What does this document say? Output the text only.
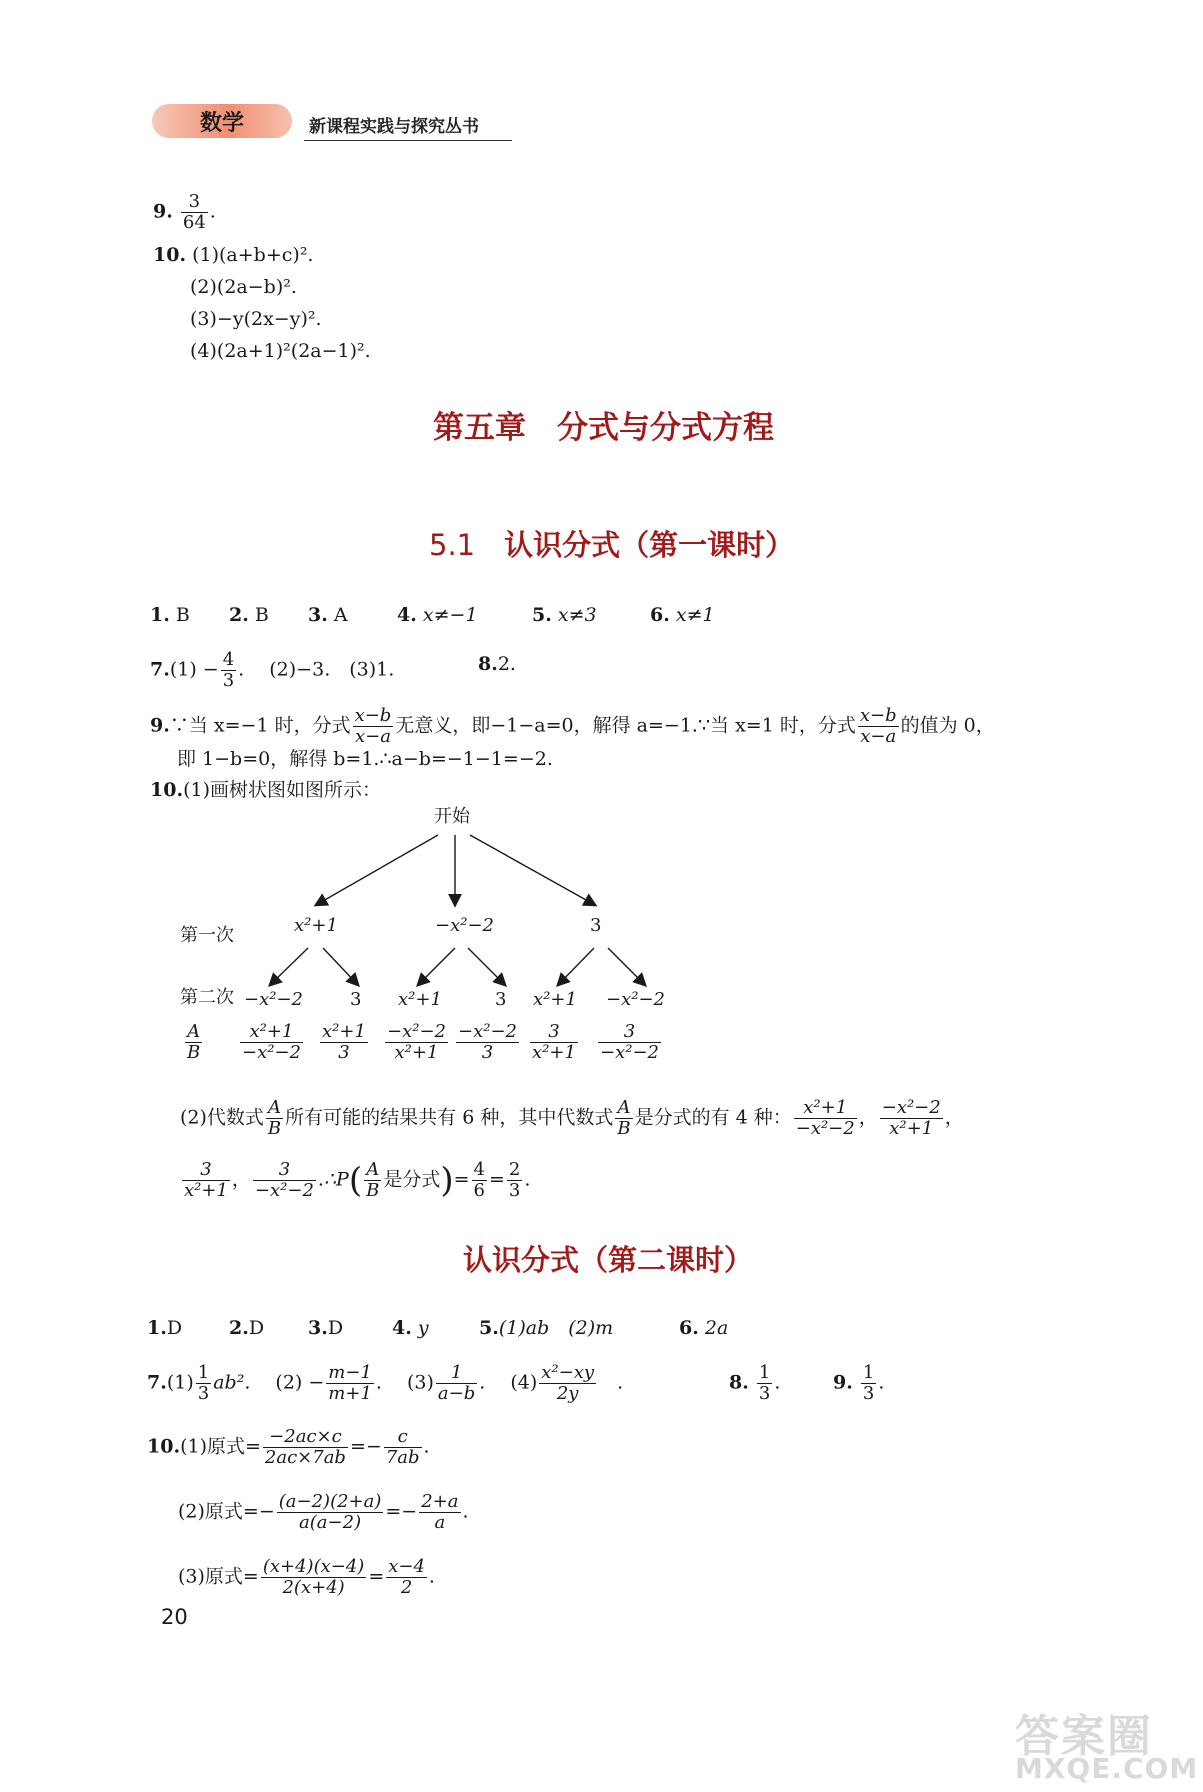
数学	新课程实践与探究丛书
9. $\frac{3}{64}$ .
10. (1)(a+b+c)².
(2)(2a−b)².
(3)−y(2x−y)².
(4)(2a+1)²(2a−1)².
第五章　分式与分式方程
5.1　 认识分式（第一课时）
1. B 2. B 3. A	4. x≠−1	5. x≠3	6. x≠1
$7.(1) - \frac{4}{3}$ . 　 (2)−3.　 (3)1.	8.2.
9.∵当 x=−1 时，分式 $\frac{x-b}{x-a}$ 无意义，即−1−a=0，解得 a=−1.∵当 x=1 时，分式 $\frac{x-b}{x-a}$ 的值为 0，
即 1−b=0，解得 b=1.∴a−b=−1−1=−2.
10.(1)画树状图如图所示：
开始
第一次	x²+1	−x²−2	3
第二次 −x²−2	3 x²+1	3 x²+1 −x²−2
$\frac{A}{B} \frac{\text{x²+1}}{\text{−x²−2}} \frac{\text{x²+1}}{3} \frac{\text{−x²−2}}{\text{x²+1}} \frac{\text{−x²−2}}{3} \frac{3}{\text{x²+1}} \frac{3}{\text{−x²−2}}$
(2)代数式 $\frac{A}{B}$ 所有可能的结果共有 6 种，其中代数式 $\frac{A}{B}$ 是分式的有 4 种： $\frac{\text{x²+1}}{\text{−x²−2}}$ ， $\frac{\text{−x²−2}}{\text{x²+1}}$ ，
$\frac{3}{\text{x²+1}}$ ， $\frac{3}{\text{−x²−2}}$ .∴P( $\frac{A}{B}$ 是分式)= $\frac{4}{6} = \frac{2}{3}$ .
认识分式（第二课时）
1.D 2.D 3.D	4. y	5.(1)ab　(2)m	6. 2a
$7.(1) \frac{1}{3} ab^2$. 　 $(2) - \frac{m-1}{m+1}$ . 　 $(3) \frac{1}{a-b}$ . 　 $(4) \frac{\text{x²−xy}}{2y}$
　 .	8. $\frac{1}{3}$ .	9. $\frac{1}{3}$ .
10.(1)原式= $\frac{-2ac\times c}{2ac\times 7ab} =- \frac{c}{7ab}$ .
(2)原式=− $\frac{(a-2)(2+a)}{a(a-2)} =- \frac{2+a}{a}$ .
(3)原式= $\frac{(x+4)(x-4)}{2(x+4)} = \frac{x-4}{2}$ .
20
答案圈
MXQE.COM
